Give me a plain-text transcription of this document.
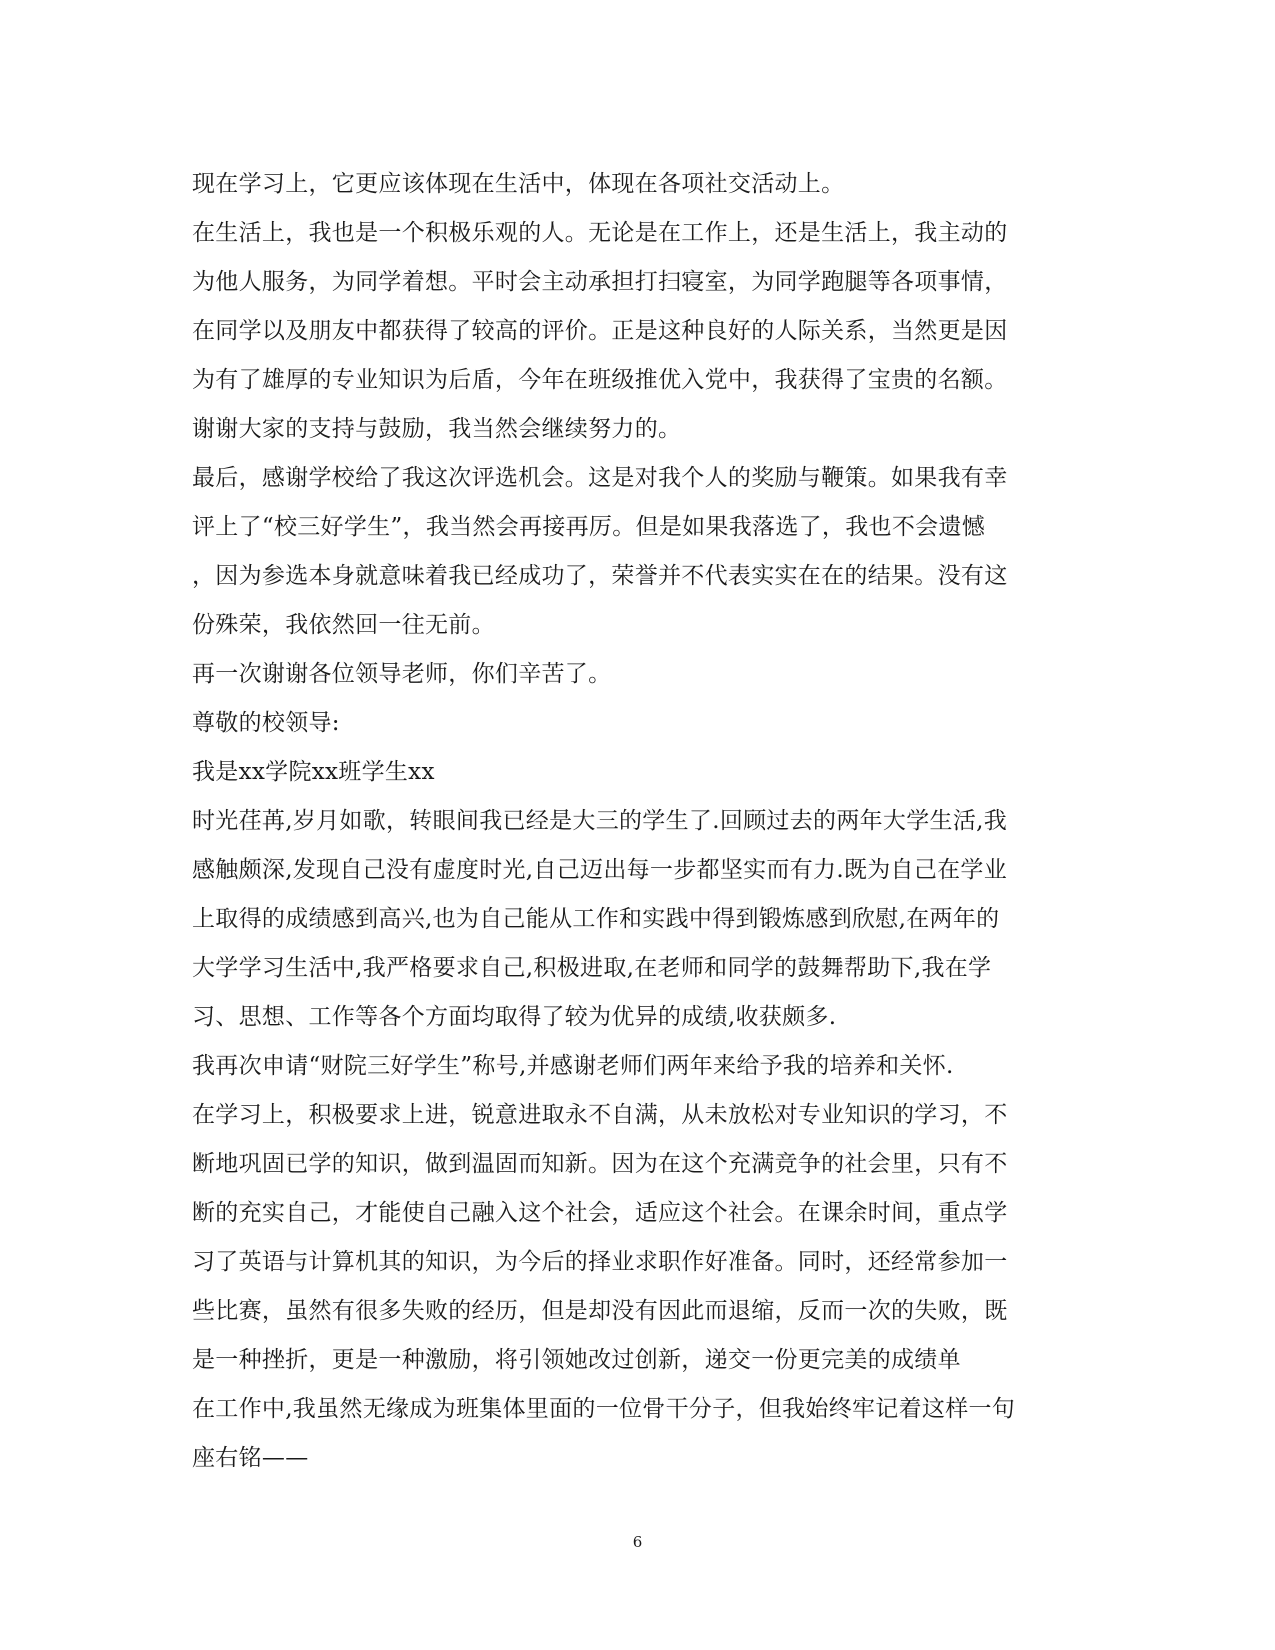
现在学习上，它更应该体现在生活中，体现在各项社交活动上。
在生活上，我也是一个积极乐观的人。无论是在工作上，还是生活上，我主动的
为他人服务，为同学着想。平时会主动承担打扫寝室，为同学跑腿等各项事情，
在同学以及朋友中都获得了较高的评价。正是这种良好的人际关系，当然更是因
为有了雄厚的专业知识为后盾，今年在班级推优入党中，我获得了宝贵的名额。
谢谢大家的支持与鼓励，我当然会继续努力的。
最后，感谢学校给了我这次评选机会。这是对我个人的奖励与鞭策。如果我有幸
评上了“校三好学生”，我当然会再接再厉。但是如果我落选了，我也不会遗憾
，因为参选本身就意味着我已经成功了，荣誉并不代表实实在在的结果。没有这
份殊荣，我依然回一往无前。
再一次谢谢各位领导老师，你们辛苦了。
尊敬的校领导:
我是xx学院xx班学生xx
时光荏苒,岁月如歌，转眼间我已经是大三的学生了.回顾过去的两年大学生活,我
感触颇深,发现自己没有虚度时光,自己迈出每一步都坚实而有力.既为自己在学业
上取得的成绩感到高兴,也为自己能从工作和实践中得到锻炼感到欣慰,在两年的
大学学习生活中,我严格要求自己,积极进取,在老师和同学的鼓舞帮助下,我在学
习、思想、工作等各个方面均取得了较为优异的成绩,收获颇多.
我再次申请“财院三好学生”称号,并感谢老师们两年来给予我的培养和关怀.
在学习上，积极要求上进，锐意进取永不自满，从未放松对专业知识的学习，不
断地巩固已学的知识，做到温固而知新。因为在这个充满竞争的社会里，只有不
断的充实自己，才能使自己融入这个社会，适应这个社会。在课余时间，重点学
习了英语与计算机其的知识，为今后的择业求职作好准备。同时，还经常参加一
些比赛，虽然有很多失败的经历，但是却没有因此而退缩，反而一次的失败，既
是一种挫折，更是一种激励，将引领她改过创新，递交一份更完美的成绩单
在工作中,我虽然无缘成为班集体里面的一位骨干分子，但我始终牢记着这样一句
座右铭——
6
